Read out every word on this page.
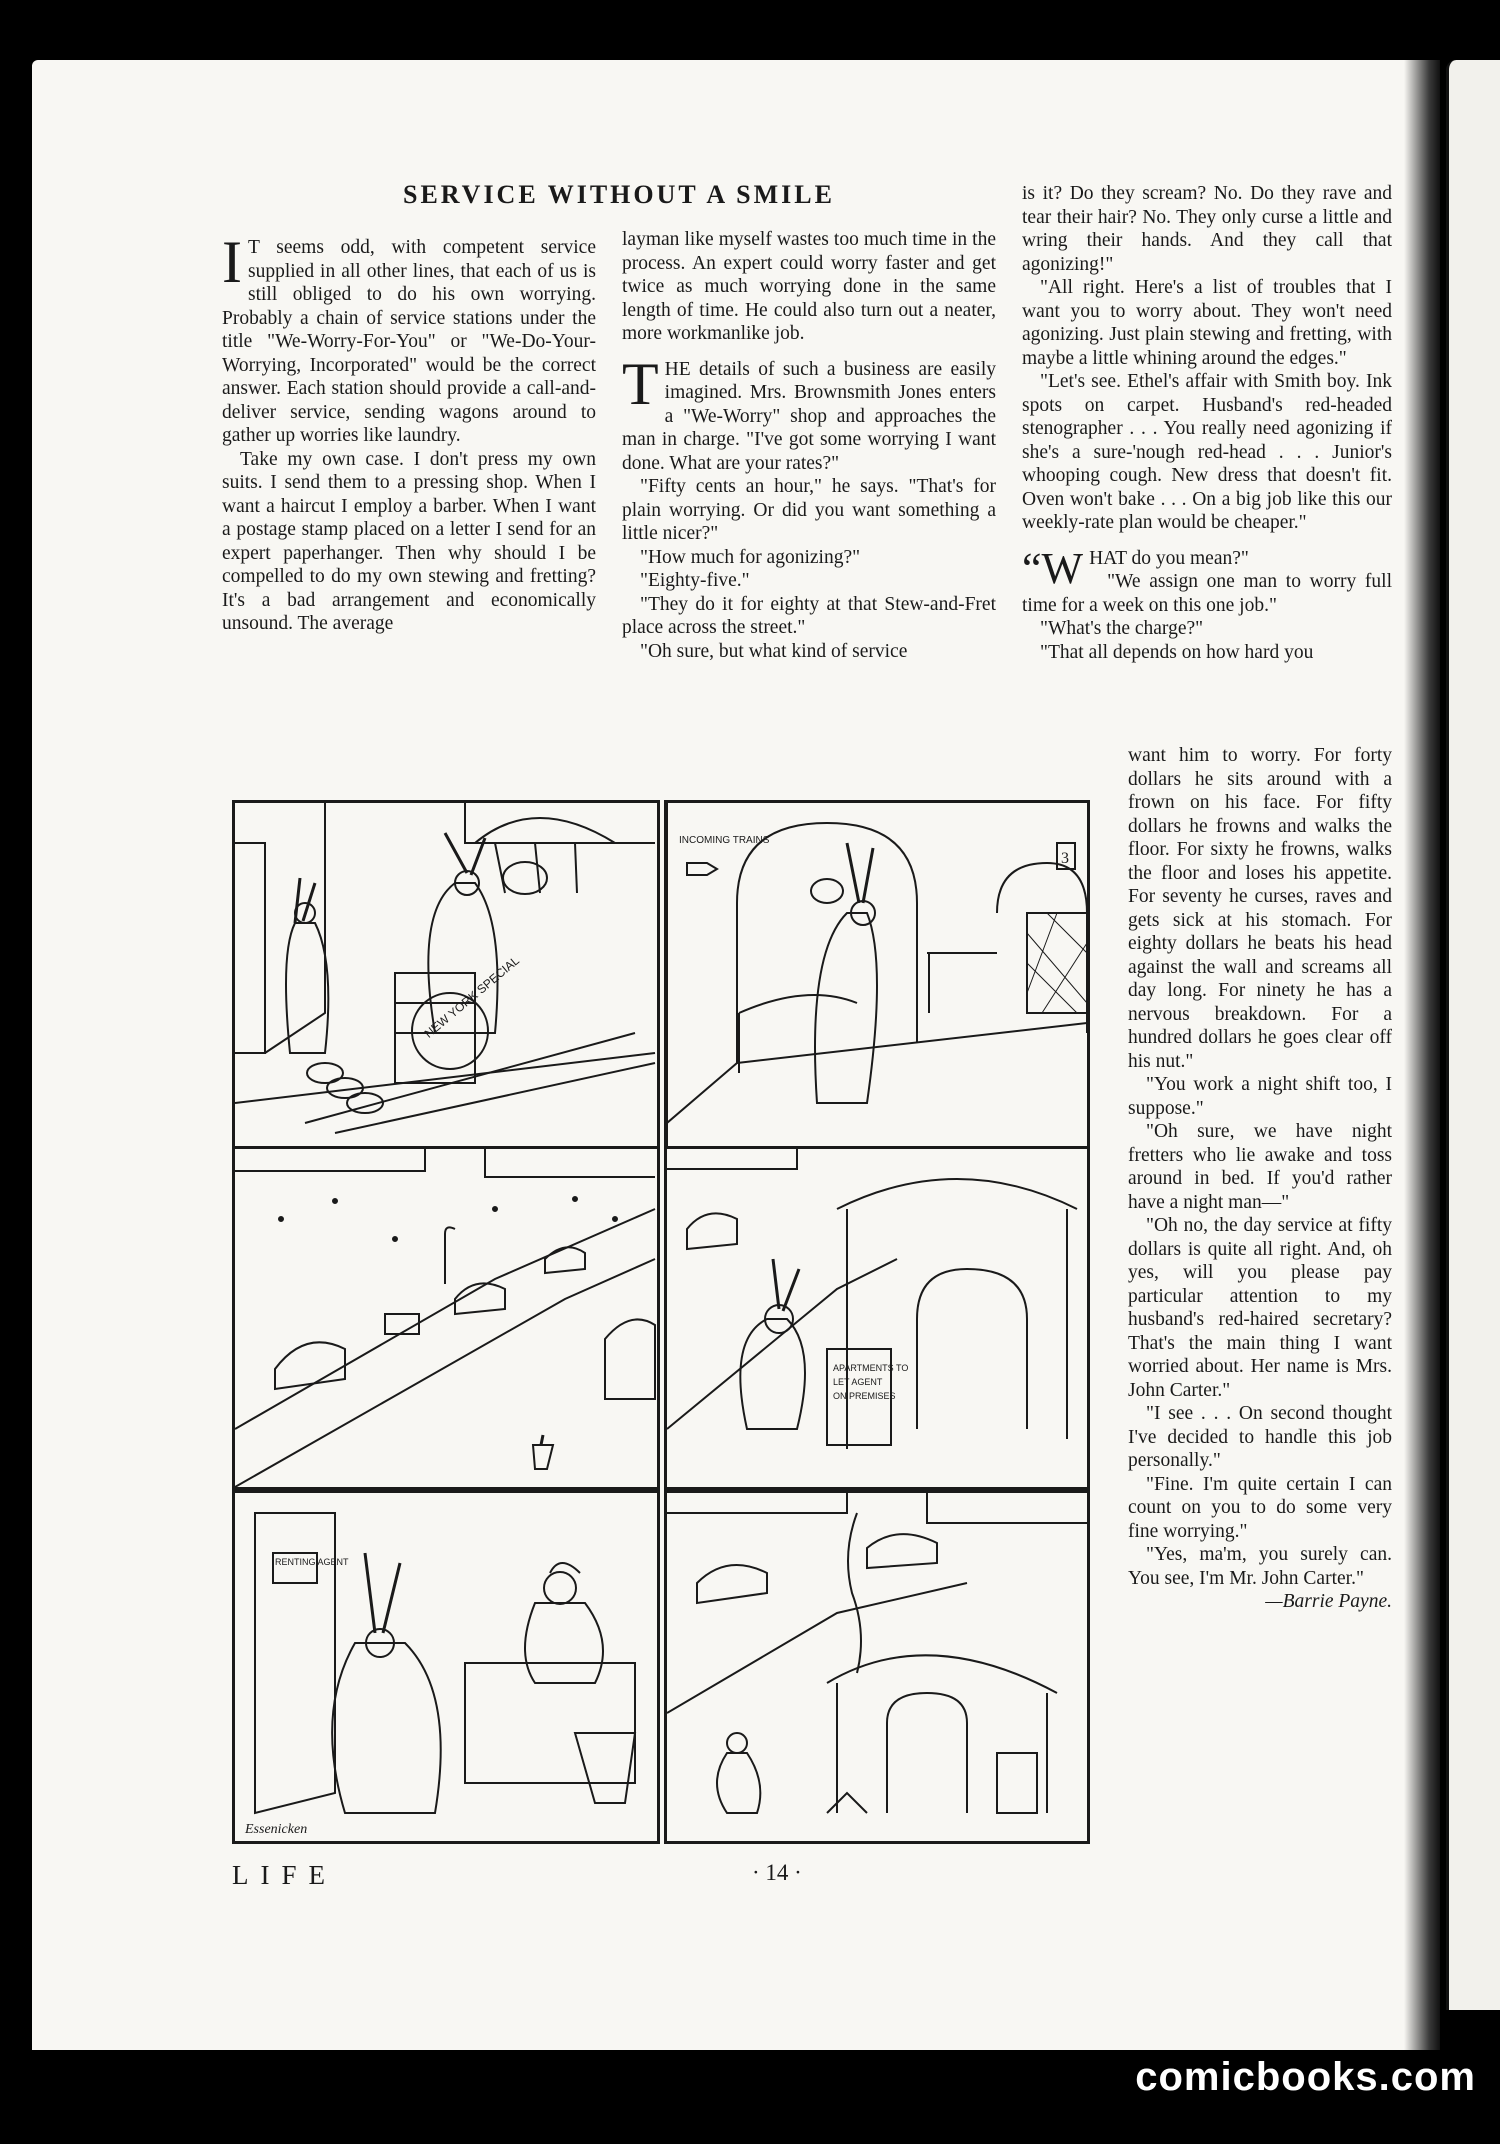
SERVICE WITHOUT A SMILE

I T seems odd, with competent service supplied in all other lines, that each of us is still obliged to do his own worrying. Probably a chain of service stations under the title "We-Worry-For-You" or "We-Do-Your-Worrying, Incorporated" would be the correct answer. Each station should provide a call-and-deliver service, sending wagons around to gather up worries like laundry.

Take my own case. I don't press my own suits. I send them to a pressing shop. When I want a haircut I employ a barber. When I want a postage stamp placed on a letter I send for an expert paperhanger. Then why should I be compelled to do my own stewing and fretting? It's a bad arrangement and economically unsound. The average

layman like myself wastes too much time in the process. An expert could worry faster and get twice as much worrying done in the same length of time. He could also turn out a neater, more workmanlike job.

THE details of such a business are easily imagined. Mrs. Brownsmith Jones enters a "We-Worry" shop and approaches the man in charge. "I've got some worrying I want done. What are your rates?"

"Fifty cents an hour," he says. "That's for plain worrying. Or did you want something a little nicer?"

"How much for agonizing?"

"Eighty-five."

"They do it for eighty at that Stew-and-Fret place across the street."

"Oh sure, but what kind of service

is it? Do they scream? No. Do they rave and tear their hair? No. They only curse a little and wring their hands. And they call that agonizing!"

"All right. Here's a list of troubles that I want you to worry about. They won't need agonizing. Just plain stewing and fretting, with maybe a little whining around the edges."

"Let's see. Ethel's affair with Smith boy. Ink spots on carpet. Husband's red-headed stenographer . . . You really need agonizing if she's a sure-'nough red-head . . . Junior's whooping cough. New dress that doesn't fit. Oven won't bake . . . On a big job like this our weekly-rate plan would be cheaper."

“WHAT do you mean?"

"We assign one man to worry full time for a week on this one job."

"What's the charge?"

"That all depends on how hard you

want him to worry. For forty dollars he sits around with a frown on his face. For fifty dollars he frowns and walks the floor. For sixty he frowns, walks the floor and loses his appetite. For seventy he curses, raves and gets sick at his stomach. For eighty dollars he beats his head against the wall and screams all day long. For ninety he has a nervous breakdown. For a hundred dollars he goes clear off his nut."

"You work a night shift too, I suppose."

"Oh sure, we have night fretters who lie awake and toss around in bed. If you'd rather have a night man—"

"Oh no, the day service at fifty dollars is quite all right. And, oh yes, will you please pay particular attention to my husband's red-haired secretary? That's the main thing I want worried about. Her name is Mrs. John Carter."

"I see . . . On second thought I've decided to handle this job personally."

"Fine. I'm quite certain I can count on you to do some very fine worrying."

"Yes, ma'm, you surely can. You see, I'm Mr. John Carter."

—Barrie Payne.

NEW YORK SPECIAL
3
INCOMING TRAINS
APARTMENTS TO LET AGENT ON PREMISES
RENTING AGENT
Essenicken
LIFE	· 14 ·
comicbooks.com
